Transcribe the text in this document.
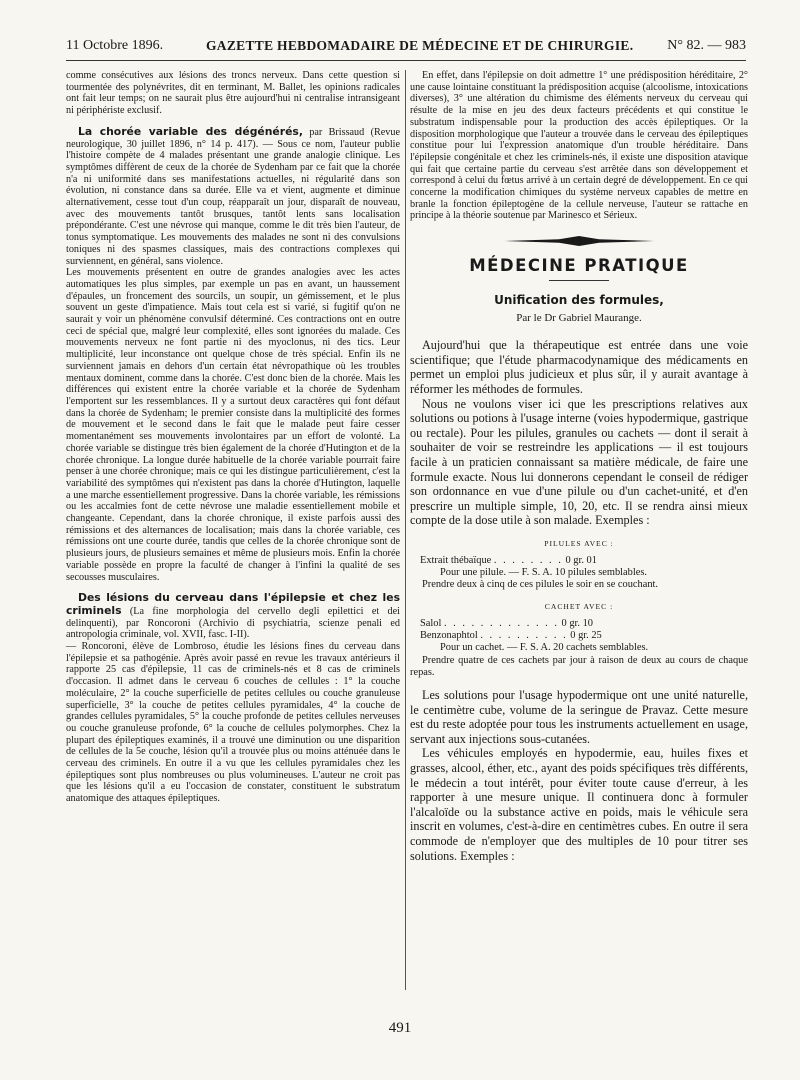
11 Octobre 1896.	GAZETTE HEBDOMADAIRE DE MÉDECINE ET DE CHIRURGIE. N° 82. — 983

comme consécutives aux lésions des troncs nerveux. Dans cette question si tourmentée des polynévrites, dit en terminant, M. Ballet, les opinions radicales ont fait leur temps; on ne saurait plus être aujourd'hui ni centralise intransigeant ni périphériste exclusif.

La chorée variable des dégénérés, par Brissaud (Revue neurologique, 30 juillet 1896, n° 14 p. 417). — Sous ce nom, l'auteur publie l'histoire compète de 4 malades présentant une grande analogie clinique. Les symptômes diffèrent de ceux de la chorée de Sydenham par ce fait que la chorée n'a ni uniformité dans ses manifestations actuelles, ni régularité dans son évolution, ni constance dans sa durée. Elle va et vient, augmente et diminue alternativement, cesse tout d'un coup, réapparaît un jour, disparaît de nouveau, avec des mouvements tantôt brusques, tantôt lents sans localisation prépondérante. C'est une névrose qui manque, comme le dit très bien l'auteur, de tonus symptomatique. Les mouvements des malades ne sont ni des convulsions toniques ni des spasmes classiques, mais des contractions complexes qui surviennent, en général, sans violence.

Les mouvements présentent en outre de grandes analogies avec les actes automatiques les plus simples, par exemple un pas en avant, un haussement d'épaules, un froncement des sourcils, un soupir, un gémissement, et le plus souvent un geste d'impatience. Mais tout cela est si varié, si fugitif qu'on ne saurait y voir un phénomène convulsif déterminé. Ces contractions ont en outre ceci de spécial que, malgré leur complexité, elles sont ignorées du malade. Ces mouvements nerveux ne font partie ni des myoclonus, ni des tics. Leur multiplicité, leur inconstance ont quelque chose de très spécial. Enfin ils ne surviennent jamais en dehors d'un certain état névropathique où les troubles mentaux dominent, comme dans la chorée. C'est donc bien de la chorée. Mais les différences qui existent entre la chorée variable et la chorée de Sydenham l'emportent sur les ressemblances. Il y a surtout deux caractères qui font défaut dans la chorée de Sydenham; le premier consiste dans la multiplicité des formes de mouvement et le second dans le fait que le malade peut faire cesser momentanément ses mouvements involontaires par un effort de volonté. La chorée variable se distingue très bien également de la chorée d'Hutington et de la chorée chronique. La longue durée habituelle de la chorée variable pourrait faire penser à une chorée chronique; mais ce qui les distingue particulièrement, c'est la variabilité des symptômes qui n'existent pas dans la chorée d'Hutington, laquelle a une marche essentiellement progressive. Dans la chorée variable, les rémissions ou les accalmies font de cette névrose une maladie essentiellement mobile et changeante. Cependant, dans la chorée chronique, il existe parfois aussi des rémissions et des alternances de localisation; mais dans la chorée variable, ces rémissions ont une courte durée, tandis que celles de la chorée chronique sont de plusieurs jours, de plusieurs semaines et même de plusieurs mois. Enfin la chorée variable possède en propre la faculté de changer à l'infini la qualité de ses secousses musculaires.

Des lésions du cerveau dans l'épilepsie et chez les criminels (La fine morphologia del cervello degli epilettici et dei delinquenti), par Roncoroni (Archivio di psychiatria, scienze penali ed antropologia criminale, vol. XVII, fasc. I-II).

— Roncoroni, élève de Lombroso, étudie les lésions fines du cerveau dans l'épilepsie et sa pathogénie. Après avoir passé en revue les travaux antérieurs il rapporte 25 cas d'épilepsie, 11 cas de criminels-nés et 8 cas de criminels d'occasion. Il admet dans le cerveau 6 couches de cellules : 1° la couche moléculaire, 2° la couche superficielle de petites cellules ou couche granuleuse superficielle, 3° la couche de petites cellules pyramidales, 4° la couche de grandes cellules pyramidales, 5° la couche profonde de petites cellules nerveuses ou couche granuleuse profonde, 6° la couche de cellules polymorphes. Chez la plupart des épileptiques examinés, il a trouvé une diminution ou une disparition de cellules de la 5e couche, lésion qu'il a trouvée plus ou moins atténuée dans le cerveau des criminels. En outre il a vu que les cellules pyramidales chez les épileptiques sont plus nombreuses ou plus volumineuses. L'auteur ne croit pas que les lésions qu'il a eu l'occasion de constater, constituent le substratum anatomique des attaques épileptiques.

En effet, dans l'épilepsie on doit admettre 1° une prédisposition héréditaire, 2° une cause lointaine constituant la prédisposition acquise (alcoolisme, intoxications diverses), 3° une altération du chimisme des éléments nerveux du cerveau qui résulte de la mise en jeu des deux facteurs précédents et qui constitue le substratum indispensable pour la production des accès épileptiques. Or la disposition morphologique que l'auteur a trouvée dans le cerveau des épileptiques constitue pour lui l'expression anatomique d'un trouble héréditaire. Dans l'épilepsie congénitale et chez les criminels-nés, il existe une disposition atavique qui fait que certaine partie du cerveau s'est arrêtée dans son développement et correspond à celui du fœtus arrivé à un certain degré de développement. En ce qui concerne la modification chimiques du système nerveux capables de mettre en branle la fonction épileptogène de la cellule nerveuse, l'auteur se rattache en principe à la théorie soutenue par Marinesco et Sérieux.

MÉDECINE PRATIQUE
Unification des formules,
Par le Dr Gabriel Maurange.

Aujourd'hui que la thérapeutique est entrée dans une voie scientifique; que l'étude pharmacodynamique des médicaments en permet un emploi plus judicieux et plus sûr, il y aurait avantage à réformer les méthodes de formules.

Nous ne voulons viser ici que les prescriptions relatives aux solutions ou potions à l'usage interne (voies hypodermique, gastrique ou rectale). Pour les pilules, granules ou cachets — dont il serait à souhaiter de voir se restreindre les applications — il est toujours facile à un praticien connaissant sa matière médicale, de faire une formule exacte. Nous lui donnerons cependant le conseil de rédiger son ordonnance en vue d'une pilule ou d'un cachet-unité, et d'en prescrire un multiple simple, 10, 20, etc. Il se rendra ainsi mieux compte de la dose utile à son malade. Exemples :

PILULES AVEC :
Extrait thébaïque . . . . . . . . 0 gr. 01
Pour une pilule. — F. S. A. 10 pilules semblables.

Prendre deux à cinq de ces pilules le soir en se couchant.

CACHET AVEC :
Salol . . . . . . . . . . . . . 0 gr. 10
Benzonaphtol . . . . . . . . . . 0 gr. 25
Pour un cachet. — F. S. A. 20 cachets semblables.

Prendre quatre de ces cachets par jour à raison de deux au cours de chaque repas.

Les solutions pour l'usage hypodermique ont une unité naturelle, le centimètre cube, volume de la seringue de Pravaz. Cette mesure est du reste adoptée pour tous les instruments actuellement en usage, servant aux injections sous-cutanées.

Les véhicules employés en hypodermie, eau, huiles fixes et grasses, alcool, éther, etc., ayant des poids spécifiques très différents, le médecin a tout intérêt, pour éviter toute cause d'erreur, à les rapporter à une mesure unique. Il continuera donc à formuler l'alcaloïde ou la substance active en poids, mais le véhicule sera inscrit en volumes, c'est-à-dire en centimètres cubes. En outre il sera commode de n'employer que des multiples de 10 pour titrer ses solutions. Exemples :

491
